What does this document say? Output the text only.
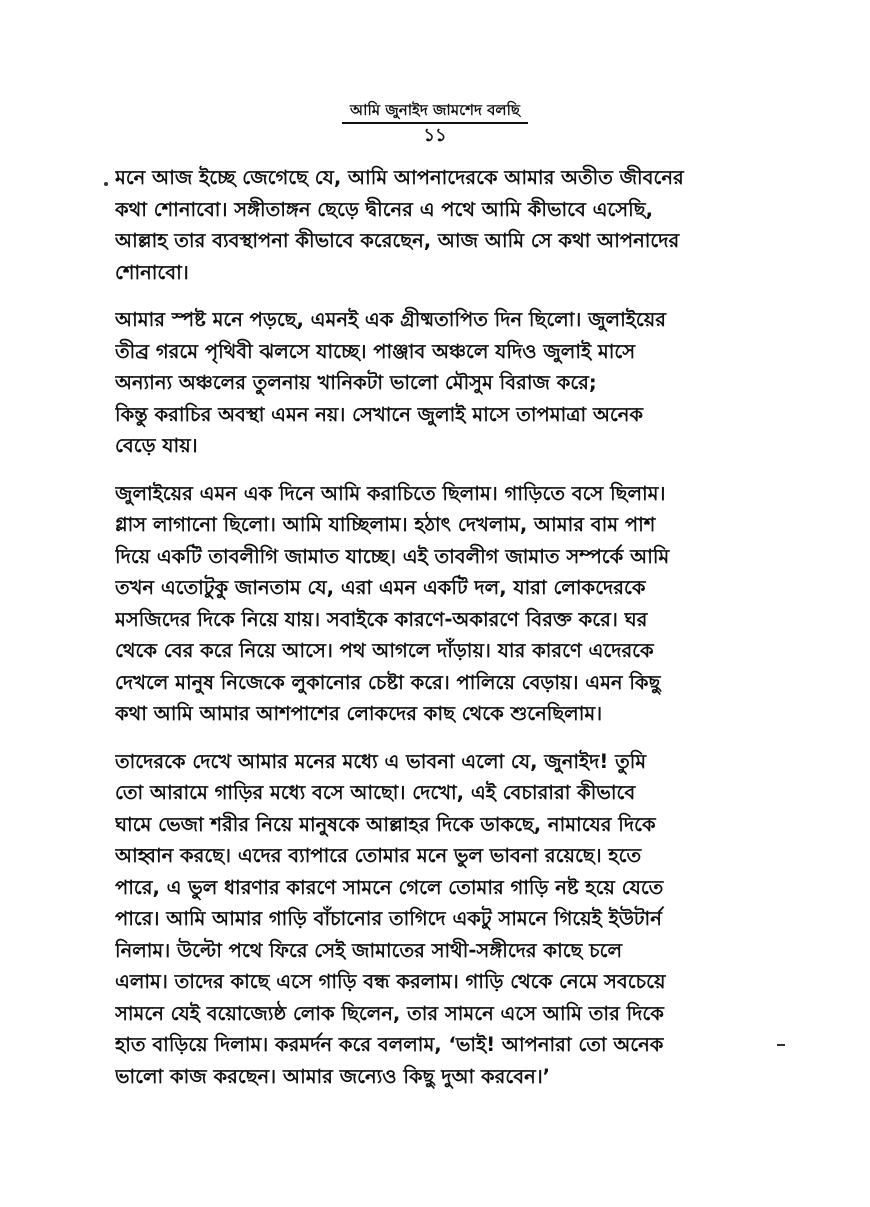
আমি জুনাইদ জামশেদ বলছি
১১
মনে আজ ইচ্ছে জেগেছে যে, আমি আপনাদেরকে আমার অতীত জীবনের
কথা শোনাবো। সঙ্গীতাঙ্গন ছেড়ে দ্বীনের এ পথে আমি কীভাবে এসেছি,
আল্লাহ তার ব্যবস্থাপনা কীভাবে করেছেন, আজ আমি সে কথা আপনাদের
শোনাবো।
আমার স্পষ্ট মনে পড়ছে, এমনই এক গ্রীষ্মতাপিত দিন ছিলো। জুলাইয়ের
তীব্র গরমে পৃথিবী ঝলসে যাচ্ছে। পাঞ্জাব অঞ্চলে যদিও জুলাই মাসে
অন্যান্য অঞ্চলের তুলনায় খানিকটা ভালো মৌসুম বিরাজ করে;
কিন্তু করাচির অবস্থা এমন নয়। সেখানে জুলাই মাসে তাপমাত্রা অনেক
বেড়ে যায়।
জুলাইয়ের এমন এক দিনে আমি করাচিতে ছিলাম। গাড়িতে বসে ছিলাম।
গ্লাস লাগানো ছিলো। আমি যাচ্ছিলাম। হঠাৎ দেখলাম, আমার বাম পাশ
দিয়ে একটি তাবলীগি জামাত যাচ্ছে। এই তাবলীগ জামাত সম্পর্কে আমি
তখন এতোটুকু জানতাম যে, এরা এমন একটি দল, যারা লোকদেরকে
মসজিদের দিকে নিয়ে যায়। সবাইকে কারণে-অকারণে বিরক্ত করে। ঘর
থেকে বের করে নিয়ে আসে। পথ আগলে দাঁড়ায়। যার কারণে এদেরকে
দেখলে মানুষ নিজেকে লুকানোর চেষ্টা করে। পালিয়ে বেড়ায়। এমন কিছু
কথা আমি আমার আশপাশের লোকদের কাছ থেকে শুনেছিলাম।
তাদেরকে দেখে আমার মনের মধ্যে এ ভাবনা এলো যে, জুনাইদ! তুমি
তো আরামে গাড়ির মধ্যে বসে আছো। দেখো, এই বেচারারা কীভাবে
ঘামে ভেজা শরীর নিয়ে মানুষকে আল্লাহর দিকে ডাকছে, নামাযের দিকে
আহ্বান করছে। এদের ব্যাপারে তোমার মনে ভুল ভাবনা রয়েছে। হতে
পারে, এ ভুল ধারণার কারণে সামনে গেলে তোমার গাড়ি নষ্ট হয়ে যেতে
পারে। আমি আমার গাড়ি বাঁচানোর তাগিদে একটু সামনে গিয়েই ইউটার্ন
নিলাম। উল্টো পথে ফিরে সেই জামাতের সাথী-সঙ্গীদের কাছে চলে
এলাম। তাদের কাছে এসে গাড়ি বন্ধ করলাম। গাড়ি থেকে নেমে সবচেয়ে
সামনে যেই বয়োজ্যেষ্ঠ লোক ছিলেন, তার সামনে এসে আমি তার দিকে
হাত বাড়িয়ে দিলাম। করমর্দন করে বললাম, ‘ভাই! আপনারা তো অনেক
ভালো কাজ করছেন। আমার জন্যেও কিছু দুআ করবেন।’
